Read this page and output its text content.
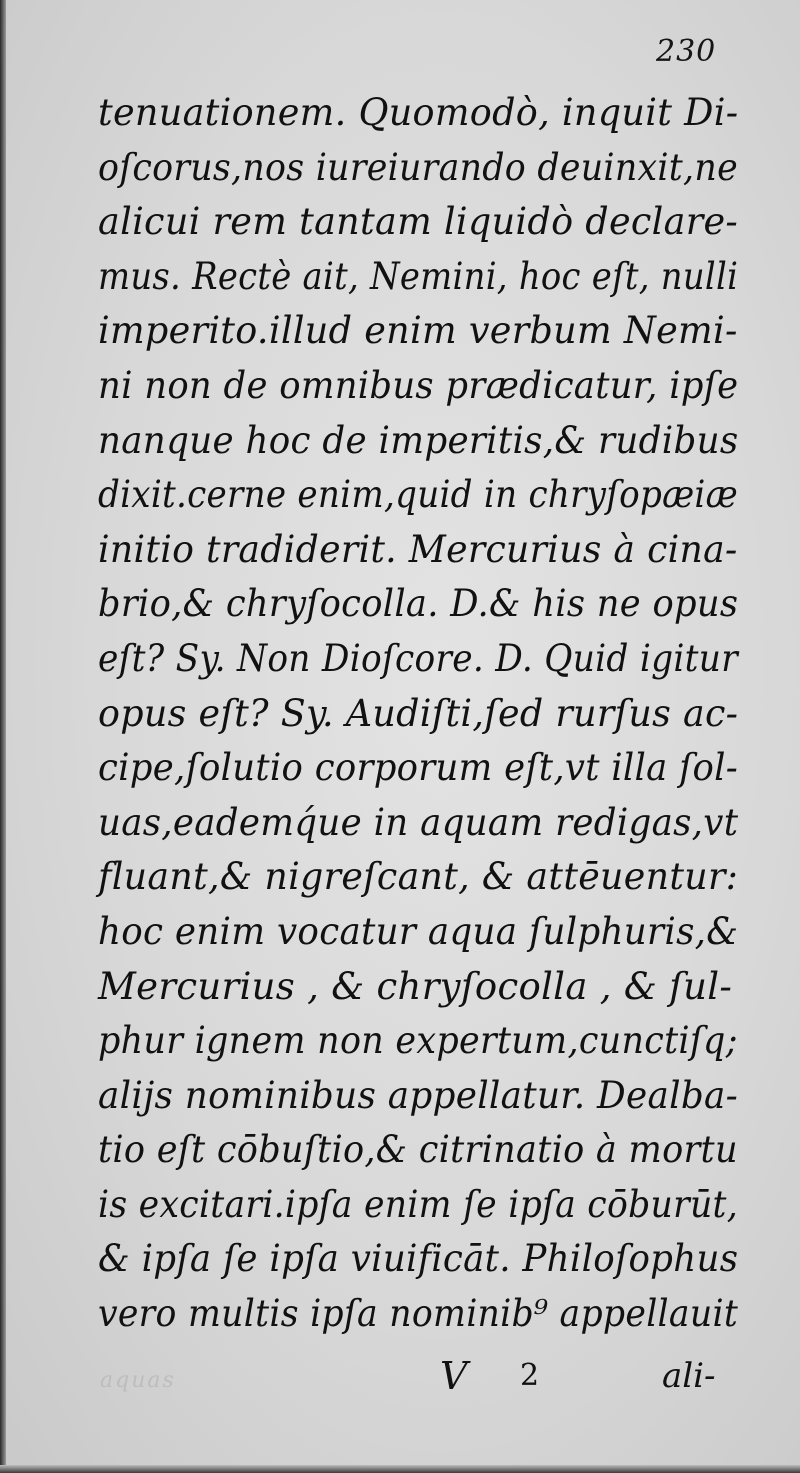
230
tenuationem. Quomodò, inquit Di-
oſcorus,nos iureiurando deuinxit,ne
alicui rem tantam liquidò declare-
mus. Rectè ait, Nemini, hoc eſt, nulli
imperito.illud enim verbum Nemi-
ni non de omnibus prædicatur, ipſe
nanque hoc de imperitis,& rudibus
dixit.cerne enim,quid in chryſopæiæ
initio tradiderit. Mercurius à cina-
brio,& chryſocolla. D.& his ne opus
eſt? Sy. Non Dioſcore. D. Quid igitur
opus eſt? Sy. Audiſti,ſed rurſus ac-
cipe,ſolutio corporum eſt,vt illa ſol-
uas,eademq́ue in aquam redigas,vt
fluant,& nigreſcant, & attēuentur:
hoc enim vocatur aqua ſulphuris,&
Mercurius , & chryſocolla , & ſul-
phur ignem non expertum,cunctiſq;
aliјs nominibus appellatur. Dealba-
tio eſt cōbuſtio,& citrinatio à mortu
is excitari.ipſa enim ſe ipſa cōburūt,
& ipſa ſe ipſa viuificāt. Philoſophus
vero multis ipſa nominib⁹ appellauit
aquas	V 2	ali-
